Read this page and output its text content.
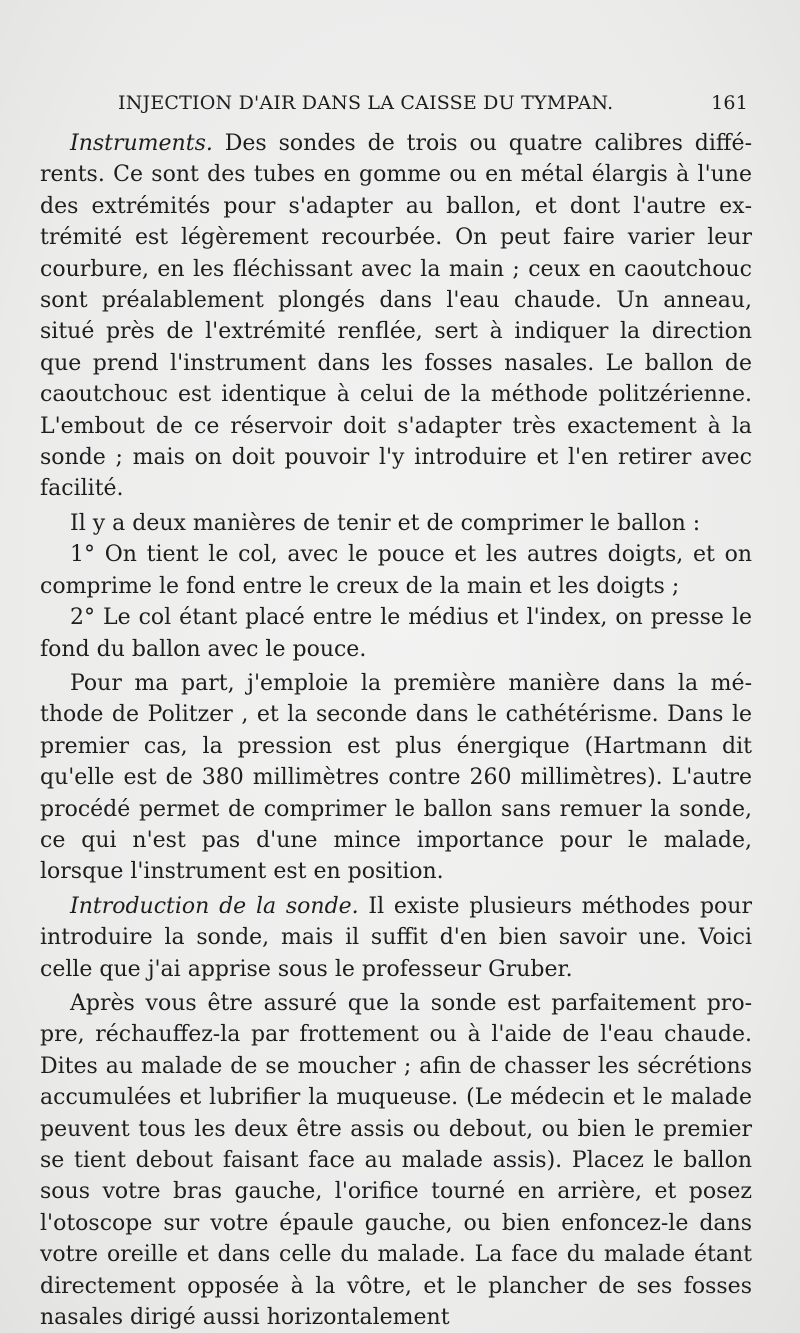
INJECTION D'AIR DANS LA CAISSE DU TYMPAN.	161

Instruments. Des sondes de trois ou quatre calibres différents. Ce sont des tubes en gomme ou en métal élargis à l'une des extrémités pour s'adapter au ballon, et dont l'autre extrémité est légèrement recourbée. On peut faire varier leur courbure, en les fléchissant avec la main ; ceux en caoutchouc sont préalablement plongés dans l'eau chaude. Un anneau, situé près de l'extrémité renflée, sert à indiquer la direction que prend l'instrument dans les fosses nasales. Le ballon de caoutchouc est identique à celui de la méthode politzérienne. L'embout de ce réservoir doit s'adapter très exactement à la sonde ; mais on doit pouvoir l'y introduire et l'en retirer avec facilité.

Il y a deux manières de tenir et de comprimer le ballon :

1° On tient le col, avec le pouce et les autres doigts, et on comprime le fond entre le creux de la main et les doigts ;

2° Le col étant placé entre le médius et l'index, on presse le fond du ballon avec le pouce.

Pour ma part, j'emploie la première manière dans la méthode de Politzer , et la seconde dans le cathétérisme. Dans le premier cas, la pression est plus énergique (Hartmann dit qu'elle est de 380 millimètres contre 260 millimètres). L'autre procédé permet de comprimer le ballon sans remuer la sonde, ce qui n'est pas d'une mince importance pour le malade, lorsque l'instrument est en position.

Introduction de la sonde. Il existe plusieurs méthodes pour introduire la sonde, mais il suffit d'en bien savoir une. Voici celle que j'ai apprise sous le professeur Gruber.

Après vous être assuré que la sonde est parfaitement propre, réchauffez-la par frottement ou à l'aide de l'eau chaude. Dites au malade de se moucher ; afin de chasser les sécrétions accumulées et lubrifier la muqueuse. (Le médecin et le malade peuvent tous les deux être assis ou debout, ou bien le premier se tient debout faisant face au malade assis). Placez le ballon sous votre bras gauche, l'orifice tourné en arrière, et posez l'otoscope sur votre épaule gauche, ou bien enfoncez-le dans votre oreille et dans celle du malade. La face du malade étant directement opposée à la vôtre, et le plancher de ses fosses nasales dirigé aussi horizontalement
